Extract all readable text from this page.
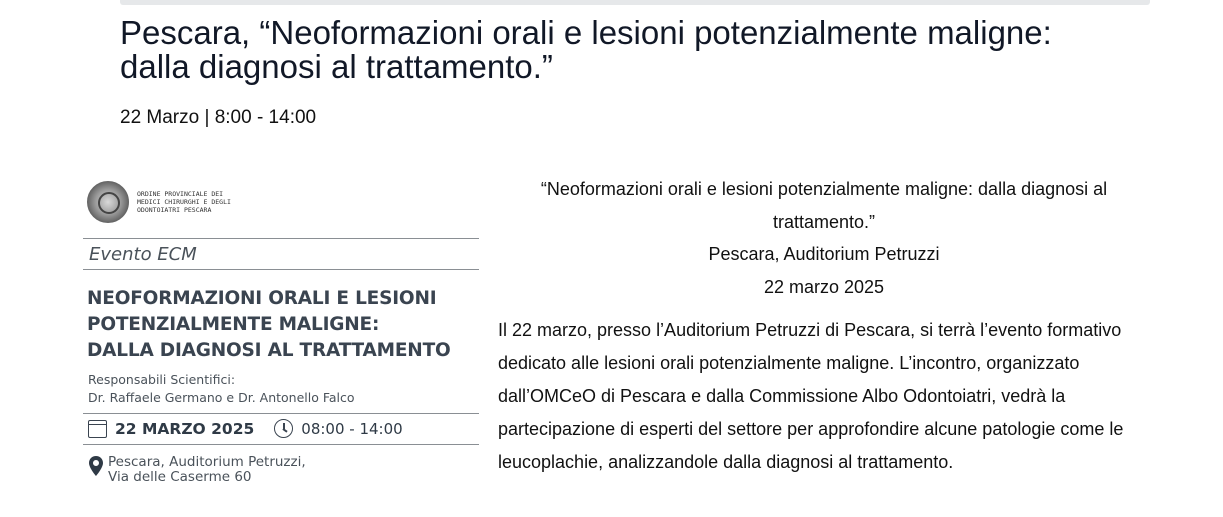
Pescara, “Neoformazioni orali e lesioni potenzialmente maligne: dalla diagnosi al trattamento.”
22 Marzo | 8:00 - 14:00
ORDINE PROVINCIALE DEI MEDICI CHIRURGHI E DEGLI ODONTOIATRI PESCARA
Evento ECM
NEOFORMAZIONI ORALI E LESIONI
POTENZIALMENTE MALIGNE:
DALLA DIAGNOSI AL TRATTAMENTO
Responsabili Scientifici:
Dr. Raffaele Germano e Dr. Antonello Falco
22 MARZO 2025	08:00 - 14:00
Pescara, Auditorium Petruzzi,
Via delle Caserme 60
“Neoformazioni orali e lesioni potenzialmente maligne: dalla diagnosi al trattamento.”
Pescara, Auditorium Petruzzi
22 marzo 2025
Il 22 marzo, presso l’Auditorium Petruzzi di Pescara, si terrà l’evento formativo dedicato alle lesioni orali potenzialmente maligne. L’incontro, organizzato dall’OMCeO di Pescara e dalla Commissione Albo Odontoiatri, vedrà la partecipazione di esperti del settore per approfondire alcune patologie come le leucoplachie, analizzandole dalla diagnosi al trattamento.
